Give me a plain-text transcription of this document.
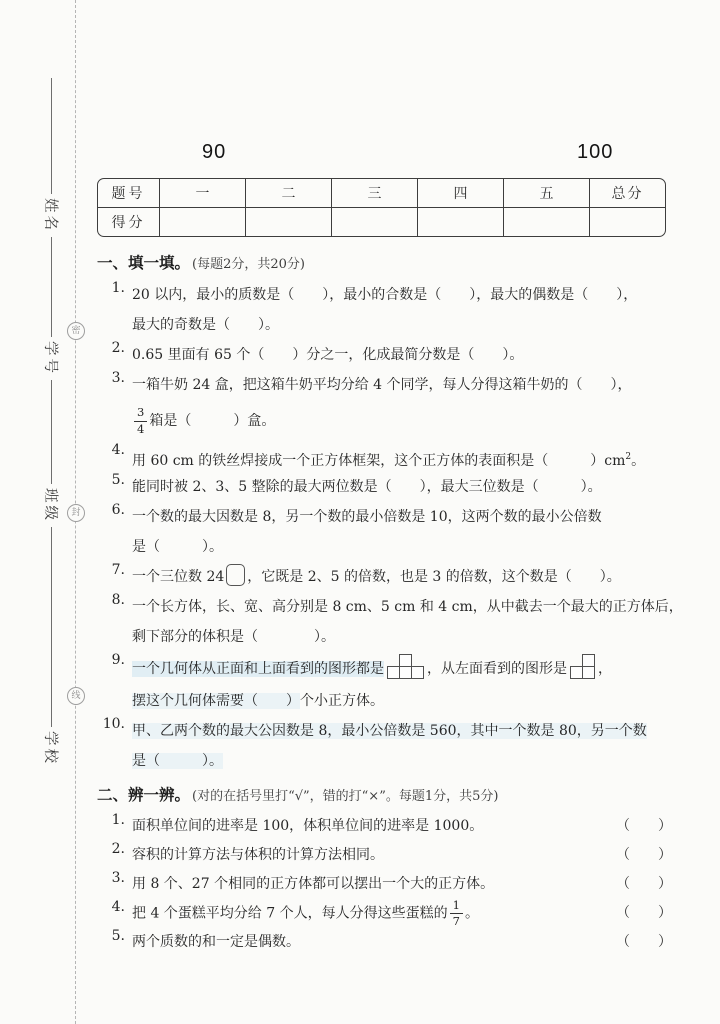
密
封
线
姓名
学号
班级
学校
90	100
题号	一	二	三	四	五	总分
得分						
一、填一填。 (每题2分，共20分)
1. 20 以内，最小的质数是（　　），最小的合数是（　　），最大的偶数是（　　），
最大的奇数是（　　）。
2. 0.65 里面有 65 个（　　）分之一，化成最简分数是（　　）。
3. 一箱牛奶 24 盒，把这箱牛奶平均分给 4 个同学，每人分得这箱牛奶的（　　），
$\frac{3}{4}$ 箱是（　　　）盒。
4.
用 60 cm 的铁丝焊接成一个正方体框架，这个正方体的表面积是（　　　）$cm^2$。
5. 能同时被 2、3、5 整除的最大两位数是（　　），最大三位数是（　　　）。
6. 一个数的最大因数是 8，另一个数的最小倍数是 10，这两个数的最小公倍数
是（　　　）。
7. 一个三位数 24 ，它既是 2、5 的倍数，也是 3 的倍数，这个数是（　　）。
8. 一个长方体，长、宽、高分别是 8 cm、5 cm 和 4 cm，从中截去一个最大的正方体后，
剩下部分的体积是（　　　　）。
9.
一个几何体从正面和上面看到的图形都是	，从左面看到的图形是 ，
摆这个几何体需要（　　）个小正方体。
10. 甲、乙两个数的最大公因数是 8，最小公倍数是 560，其中一个数是 80，另一个数
是（　　　）。
二、辨一辨。 (对的在括号里打“√”，错的打“×”。每题1分，共5分)
1. 面积单位间的进率是 100，体积单位间的进率是 1000。	（　　）
2. 容积的计算方法与体积的计算方法相同。	（　　）
3. 用 8 个、27 个相同的正方体都可以摆出一个大的正方体。	（　　）
4. 把 4 个蛋糕平均分给 7 个人，每人分得这些蛋糕的 $\frac{1}{7}$ 。	（　　）
5. 两个质数的和一定是偶数。	（　　）
